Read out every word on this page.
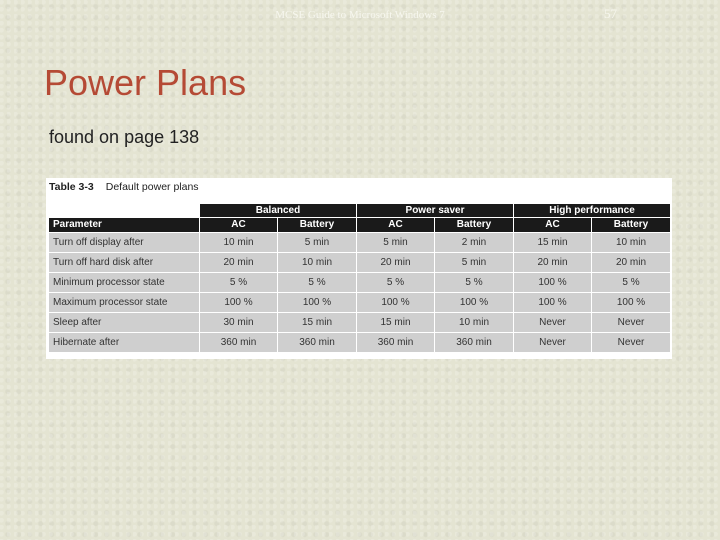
MCSE Guide to Microsoft Windows 7	57
Power Plans
found on page 138
Table 3-3 Default power plans
	Balanced		Power saver		High performance	
Parameter	AC	Battery	AC	Battery	AC	Battery
Turn off display after	10 min	5 min	5 min	2 min	15 min	10 min
Turn off hard disk after	20 min	10 min	20 min	5 min	20 min	20 min
Minimum processor state	5 %	5 %	5 %	5 %	100 %	5 %
Maximum processor state	100 %	100 %	100 %	100 %	100 %	100 %
Sleep after	30 min	15 min	15 min	10 min	Never	Never
Hibernate after	360 min	360 min	360 min	360 min	Never	Never
